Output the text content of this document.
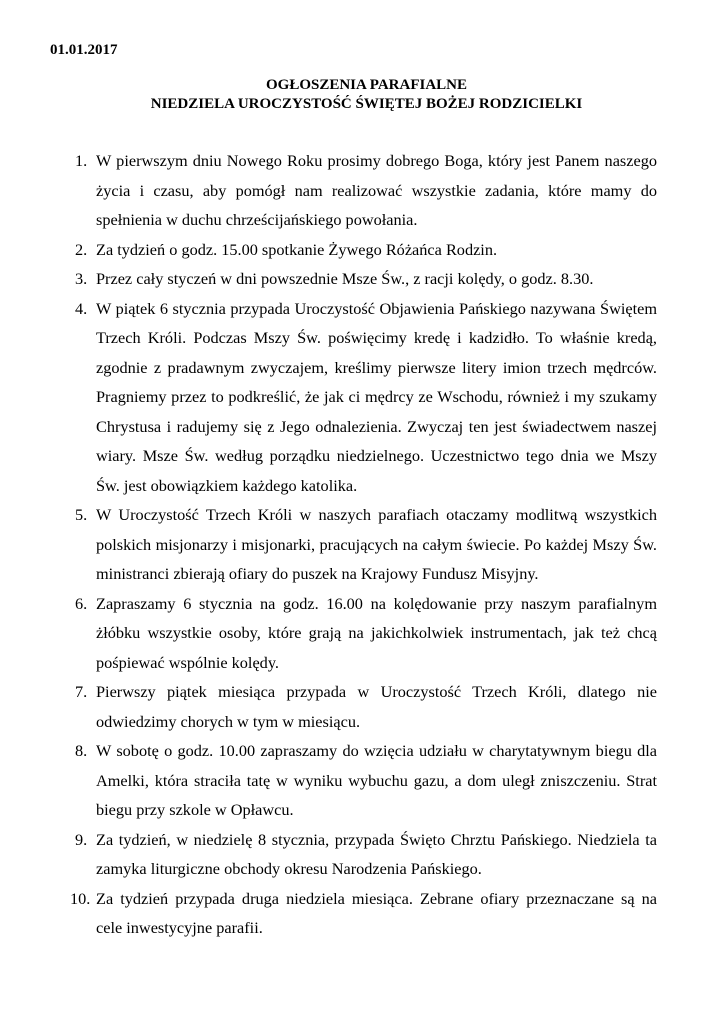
01.01.2017
OGŁOSZENIA PARAFIALNE
NIEDZIELA UROCZYSTOŚĆ ŚWIĘTEJ BOŻEJ RODZICIELKI
1. W pierwszym dniu Nowego Roku prosimy dobrego Boga, który jest Panem naszego życia i czasu, aby pomógł nam realizować wszystkie zadania, które mamy do spełnienia w duchu chrześcijańskiego powołania.
2. Za tydzień o godz. 15.00 spotkanie Żywego Różańca Rodzin.
3. Przez cały styczeń w dni powszednie Msze Św., z racji kolędy, o godz. 8.30.
4. W piątek 6 stycznia przypada Uroczystość Objawienia Pańskiego nazywana Świętem Trzech Króli. Podczas Mszy Św. poświęcimy kredę i kadzidło. To właśnie kredą, zgodnie z pradawnym zwyczajem, kreślimy pierwsze litery imion trzech mędrców. Pragniemy przez to podkreślić, że jak ci mędrcy ze Wschodu, również i my szukamy Chrystusa i radujemy się z Jego odnalezienia. Zwyczaj ten jest świadectwem naszej wiary. Msze Św. według porządku niedzielnego. Uczestnictwo tego dnia we Mszy Św. jest obowiązkiem każdego katolika.
5. W Uroczystość Trzech Króli w naszych parafiach otaczamy modlitwą wszystkich polskich misjonarzy i misjonarki, pracujących na całym świecie. Po każdej Mszy Św. ministranci zbierają ofiary do puszek na Krajowy Fundusz Misyjny.
6. Zapraszamy 6 stycznia na godz. 16.00 na kolędowanie przy naszym parafialnym żłóbku wszystkie osoby, które grają na jakichkolwiek instrumentach, jak też chcą pośpiewać wspólnie kolędy.
7. Pierwszy piątek miesiąca przypada w Uroczystość Trzech Króli, dlatego nie odwiedzimy chorych w tym w miesiącu.
8. W sobotę o godz. 10.00 zapraszamy do wzięcia udziału w charytatywnym biegu dla Amelki, która straciła tatę w wyniku wybuchu gazu, a dom uległ zniszczeniu. Strat biegu przy szkole w Opławcu.
9. Za tydzień, w niedzielę 8 stycznia, przypada Święto Chrztu Pańskiego. Niedziela ta zamyka liturgiczne obchody okresu Narodzenia Pańskiego.
10. Za tydzień przypada druga niedziela miesiąca. Zebrane ofiary przeznaczane są na cele inwestycyjne parafii.
